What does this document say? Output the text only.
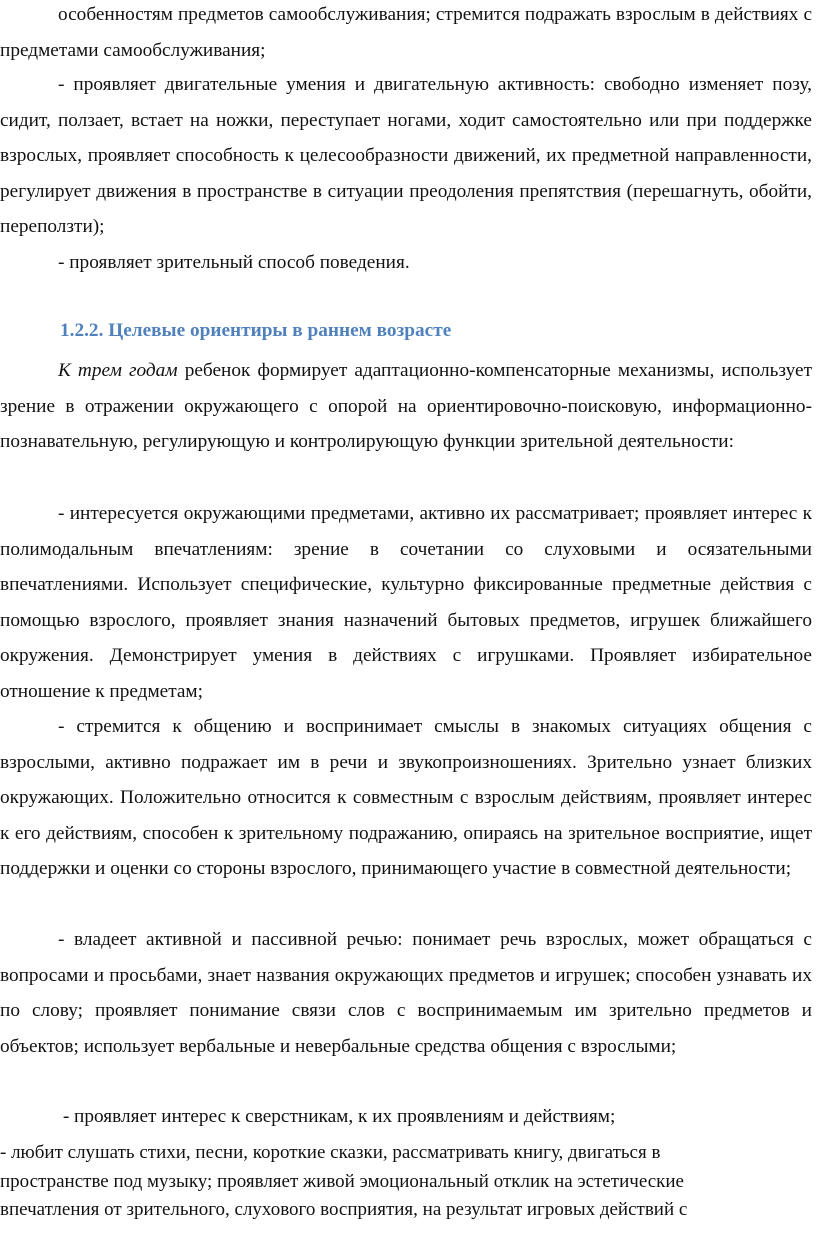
особенностям предметов самообслуживания; стремится подражать взрослым в действиях с предметами самообслуживания;

- проявляет двигательные умения и двигательную активность: свободно изменяет позу, сидит, ползает, встает на ножки, переступает ногами, ходит самостоятельно или при поддержке взрослых, проявляет способность к целесообразности движений, их предметной направленности, регулирует движения в пространстве в ситуации преодоления препятствия (перешагнуть, обойти, переползти);

- проявляет зрительный способ поведения.

1.2.2. Целевые ориентиры в раннем возрасте

К трем годам ребенок формирует адаптационно-компенсаторные механизмы, использует зрение в отражении окружающего с опорой на ориентировочно-поисковую, информационно-познавательную, регулирующую и контролирующую функции зрительной деятельности:

- интересуется окружающими предметами, активно их рассматривает; проявляет интерес к полимодальным впечатлениям: зрение в сочетании со слуховыми и осязательными впечатлениями. Использует специфические, культурно фиксированные предметные действия с помощью взрослого, проявляет знания назначений бытовых предметов, игрушек ближайшего окружения. Демонстрирует умения в действиях с игрушками. Проявляет избирательное отношение к предметам;

- стремится к общению и воспринимает смыслы в знакомых ситуациях общения с взрослыми, активно подражает им в речи и звукопроизношениях. Зрительно узнает близких окружающих. Положительно относится к совместным с взрослым действиям, проявляет интерес к его действиям, способен к зрительному подражанию, опираясь на зрительное восприятие, ищет поддержки и оценки со стороны взрослого, принимающего участие в совместной деятельности;

- владеет активной и пассивной речью: понимает речь взрослых, может обращаться с вопросами и просьбами, знает названия окружающих предметов и игрушек; способен узнавать их по слову; проявляет понимание связи слов с воспринимаемым им зрительно предметов и объектов; использует вербальные и невербальные средства общения с взрослыми;

- проявляет интерес к сверстникам, к их проявлениям и действиям;

- любит слушать стихи, песни, короткие сказки, рассматривать книгу, двигаться в
пространстве под музыку; проявляет живой эмоциональный отклик на эстетические
впечатления от зрительного, слухового восприятия, на результат игровых действий с
